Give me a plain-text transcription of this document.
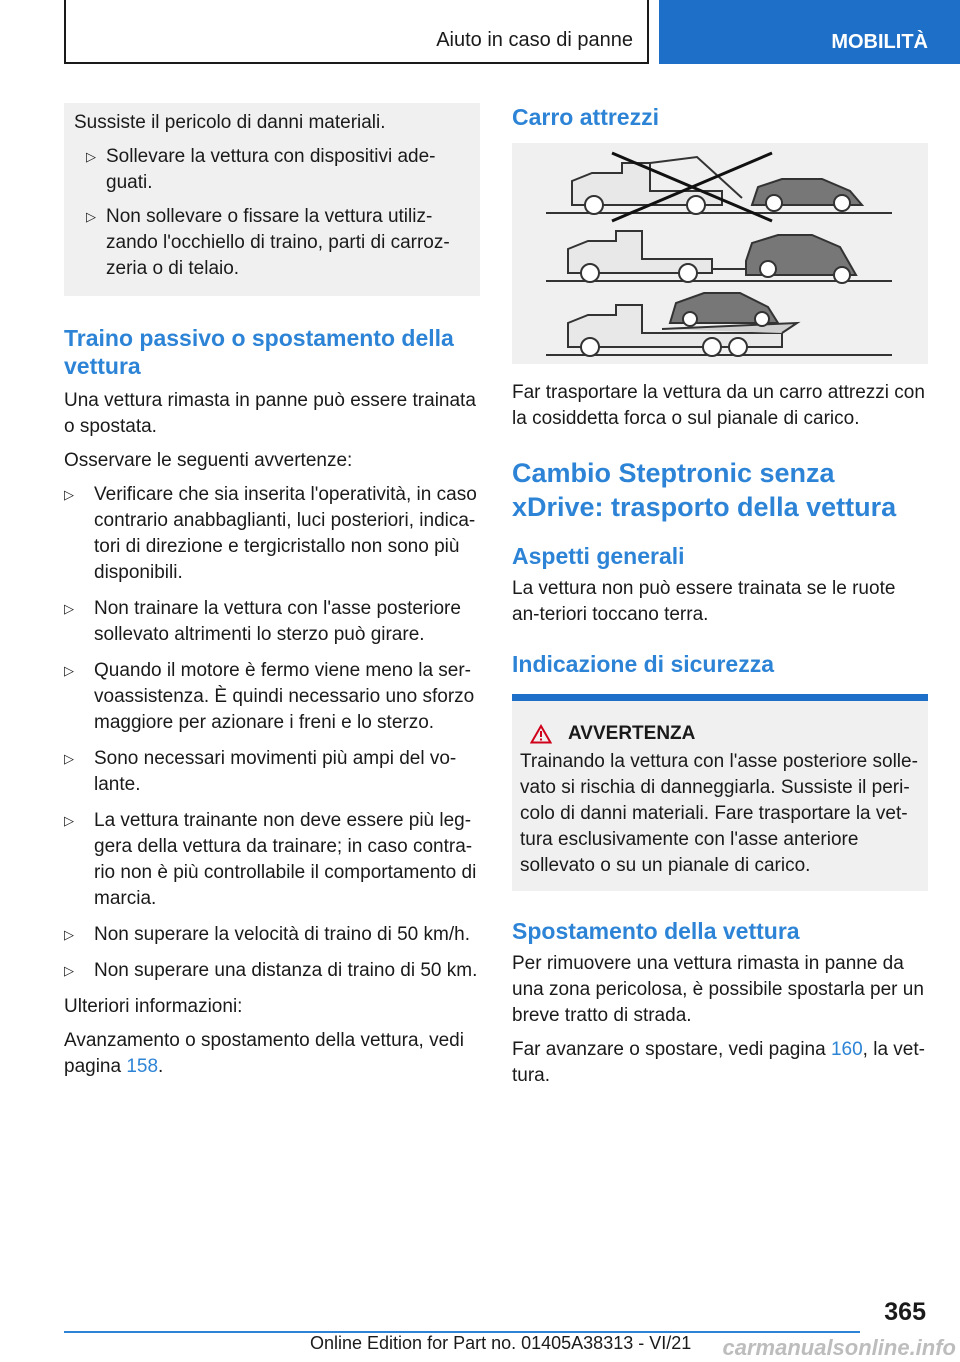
Aiuto in caso di panne	MOBILITÀ

Sussiste il pericolo di danni materiali.

▷ Sollevare la vettura con dispositivi ade-guati.
▷ Non sollevare o fissare la vettura utiliz-zando l'occhiello di traino, parti di carroz-zeria o di telaio.
Traino passivo o spostamento della vettura

Una vettura rimasta in panne può essere trainata o spostata.

Osservare le seguenti avvertenze:

▷ Verificare che sia inserita l'operatività, in caso contrario anabbaglianti, luci posteriori, indica-tori di direzione e tergicristallo non sono più disponibili.
▷ Non trainare la vettura con l'asse posteriore sollevato altrimenti lo sterzo può girare.
▷ Quando il motore è fermo viene meno la ser-voassistenza. È quindi necessario uno sforzo maggiore per azionare i freni e lo sterzo.
▷ Sono necessari movimenti più ampi del vo-lante.
▷ La vettura trainante non deve essere più leg-gera della vettura da trainare; in caso contra-rio non è più controllabile il comportamento di marcia.
▷ Non superare la velocità di traino di 50 km/h.
▷ Non superare una distanza di traino di 50 km.

Ulteriori informazioni:

Avanzamento o spostamento della vettura, vedi pagina 158.

Carro attrezzi

Far trasportare la vettura da un carro attrezzi con la cosiddetta forca o sul pianale di carico.

Cambio Steptronic senza xDrive: trasporto della vettura
Aspetti generali

La vettura non può essere trainata se le ruote an-teriori toccano terra.

Indicazione di sicurezza
AVVERTENZA

Trainando la vettura con l'asse posteriore solle-vato si rischia di danneggiarla. Sussiste il peri-colo di danni materiali. Fare trasportare la vet-tura esclusivamente con l'asse anteriore sollevato o su un pianale di carico.

Spostamento della vettura

Per rimuovere una vettura rimasta in panne da una zona pericolosa, è possibile spostarla per un breve tratto di strada.

Far avanzare o spostare, vedi pagina 160, la vet-tura.

365
Online Edition for Part no. 01405A38313 - VI/21 carmanualsonline.info
